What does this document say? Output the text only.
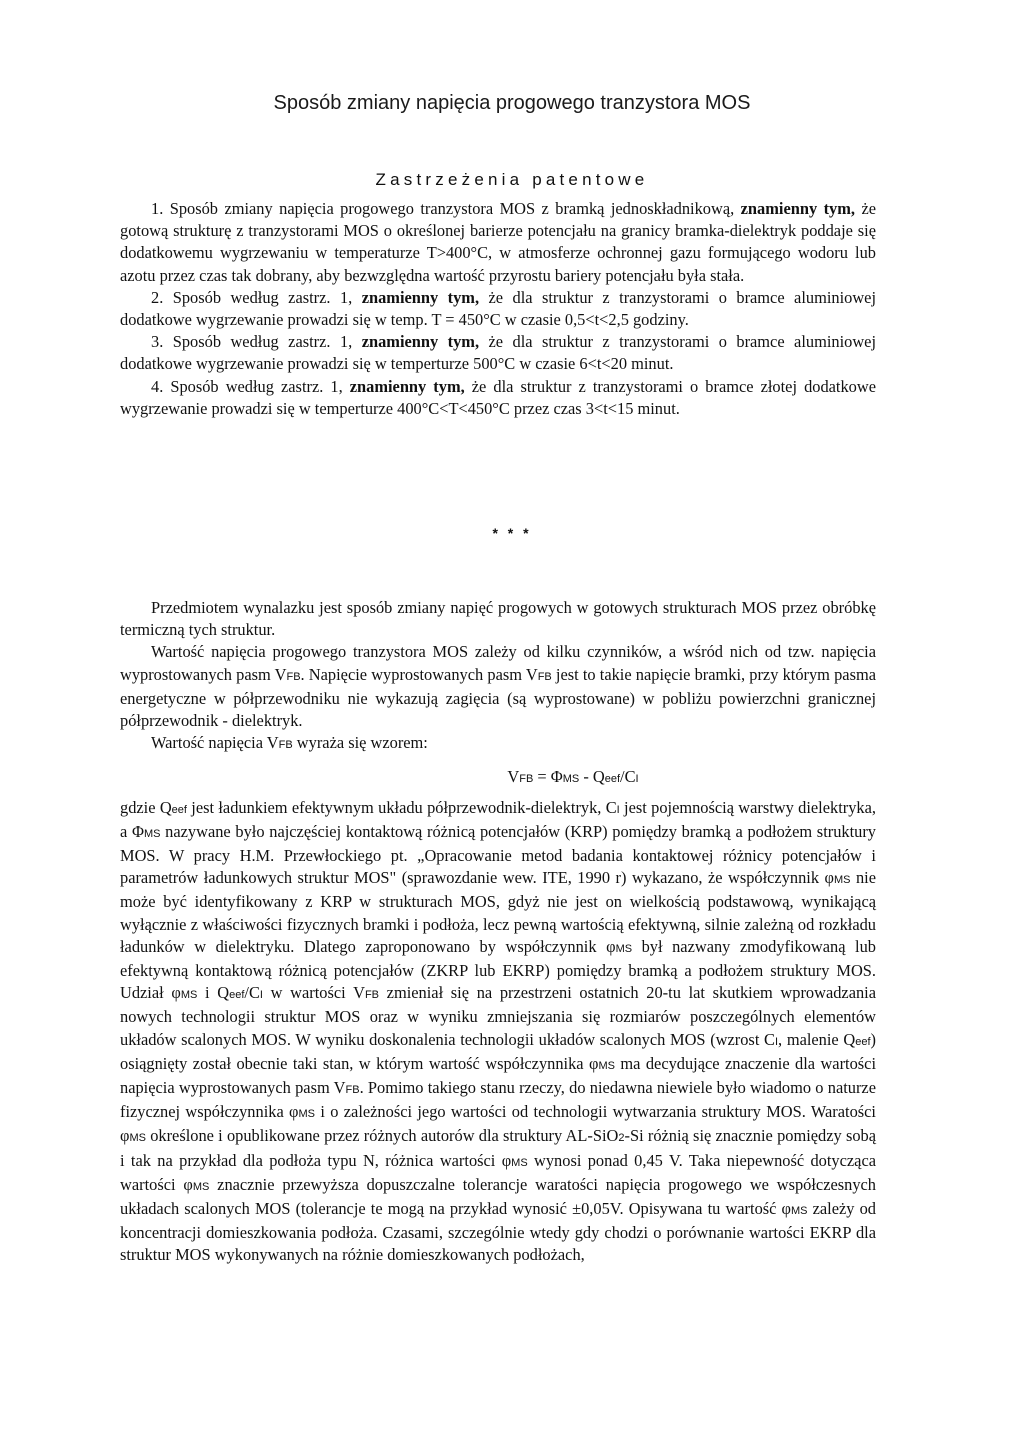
Sposób zmiany napięcia progowego tranzystora MOS
Zastrzeżenia patentowe

1. Sposób zmiany napięcia progowego tranzystora MOS z bramką jednoskładnikową, znamienny tym, że gotową strukturę z tranzystorami MOS o określonej barierze potencjału na granicy bramka-dielektryk poddaje się dodatkowemu wygrzewaniu w temperaturze T>400°C, w atmosferze ochronnej gazu formującego wodoru lub azotu przez czas tak dobrany, aby bezwzględna wartość przyrostu bariery potencjału była stała.

2. Sposób według zastrz. 1, znamienny tym, że dla struktur z tranzystorami o bramce aluminiowej dodatkowe wygrzewanie prowadzi się w temp. T = 450°C w czasie 0,5<t<2,5 godziny.

3. Sposób według zastrz. 1, znamienny tym, że dla struktur z tranzystorami o bramce aluminiowej dodatkowe wygrzewanie prowadzi się w temperturze 500°C w czasie 6<t<20 minut.

4. Sposób według zastrz. 1, znamienny tym, że dla struktur z tranzystorami o bramce złotej dodatkowe wygrzewanie prowadzi się w temperturze 400°C<T<450°C przez czas 3<t<15 minut.

* * *

Przedmiotem wynalazku jest sposób zmiany napięć progowych w gotowych strukturach MOS przez obróbkę termiczną tych struktur.

Wartość napięcia progowego tranzystora MOS zależy od kilku czynników, a wśród nich od tzw. napięcia wyprostowanych pasm VFB. Napięcie wyprostowanych pasm VFB jest to takie napięcie bramki, przy którym pasma energetyczne w półprzewodniku nie wykazują zagięcia (są wyprostowane) w pobliżu powierzchni granicznej półprzewodnik - dielektryk.

Wartość napięcia VFB wyraża się wzorem:

VFB = ΦMS - Qeef/CI

gdzie Qeef jest ładunkiem efektywnym układu półprzewodnik-dielektryk, CI jest pojemnością warstwy dielektryka, a ΦMS nazywane było najczęściej kontaktową różnicą potencjałów (KRP) pomiędzy bramką a podłożem struktury MOS. W pracy H.M. Przewłockiego pt. „Opracowanie metod badania kontaktowej różnicy potencjałów i parametrów ładunkowych struktur MOS" (sprawozdanie wew. ITE, 1990 r) wykazano, że współczynnik φMS nie może być identyfikowany z KRP w strukturach MOS, gdyż nie jest on wielkością podstawową, wynikającą wyłącznie z właściwości fizycznych bramki i podłoża, lecz pewną wartością efektywną, silnie zależną od rozkładu ładunków w dielektryku. Dlatego zaproponowano by współczynnik φMS był nazwany zmodyfikowaną lub efektywną kontaktową różnicą potencjałów (ZKRP lub EKRP) pomiędzy bramką a podłożem struktury MOS. Udział φMS i Qeef/CI w wartości VFB zmieniał się na przestrzeni ostatnich 20-tu lat skutkiem wprowadzania nowych technologii struktur MOS oraz w wyniku zmniejszania się rozmiarów poszczególnych elementów układów scalonych MOS. W wyniku doskonalenia technologii układów scalonych MOS (wzrost CI, malenie Qeef) osiągnięty został obecnie taki stan, w którym wartość współczynnika φMS ma decydujące znaczenie dla wartości napięcia wyprostowanych pasm VFB. Pomimo takiego stanu rzeczy, do niedawna niewiele było wiadomo o naturze fizycznej współczynnika φMS i o zależności jego wartości od technologii wytwarzania struktury MOS. Waratości φMS określone i opublikowane przez różnych autorów dla struktury AL-SiO2-Si różnią się znacznie pomiędzy sobą i tak na przykład dla podłoża typu N, różnica wartości φMS wynosi ponad 0,45 V. Taka niepewność dotycząca wartości φMS znacznie przewyższa dopuszczalne tolerancje waratości napięcia progowego we współczesnych układach scalonych MOS (tolerancje te mogą na przykład wynosić ±0,05V. Opisywana tu wartość φMS zależy od koncentracji domieszkowania podłoża. Czasami, szczególnie wtedy gdy chodzi o porównanie wartości EKRP dla struktur MOS wykonywanych na różnie domieszkowanych podłożach,
